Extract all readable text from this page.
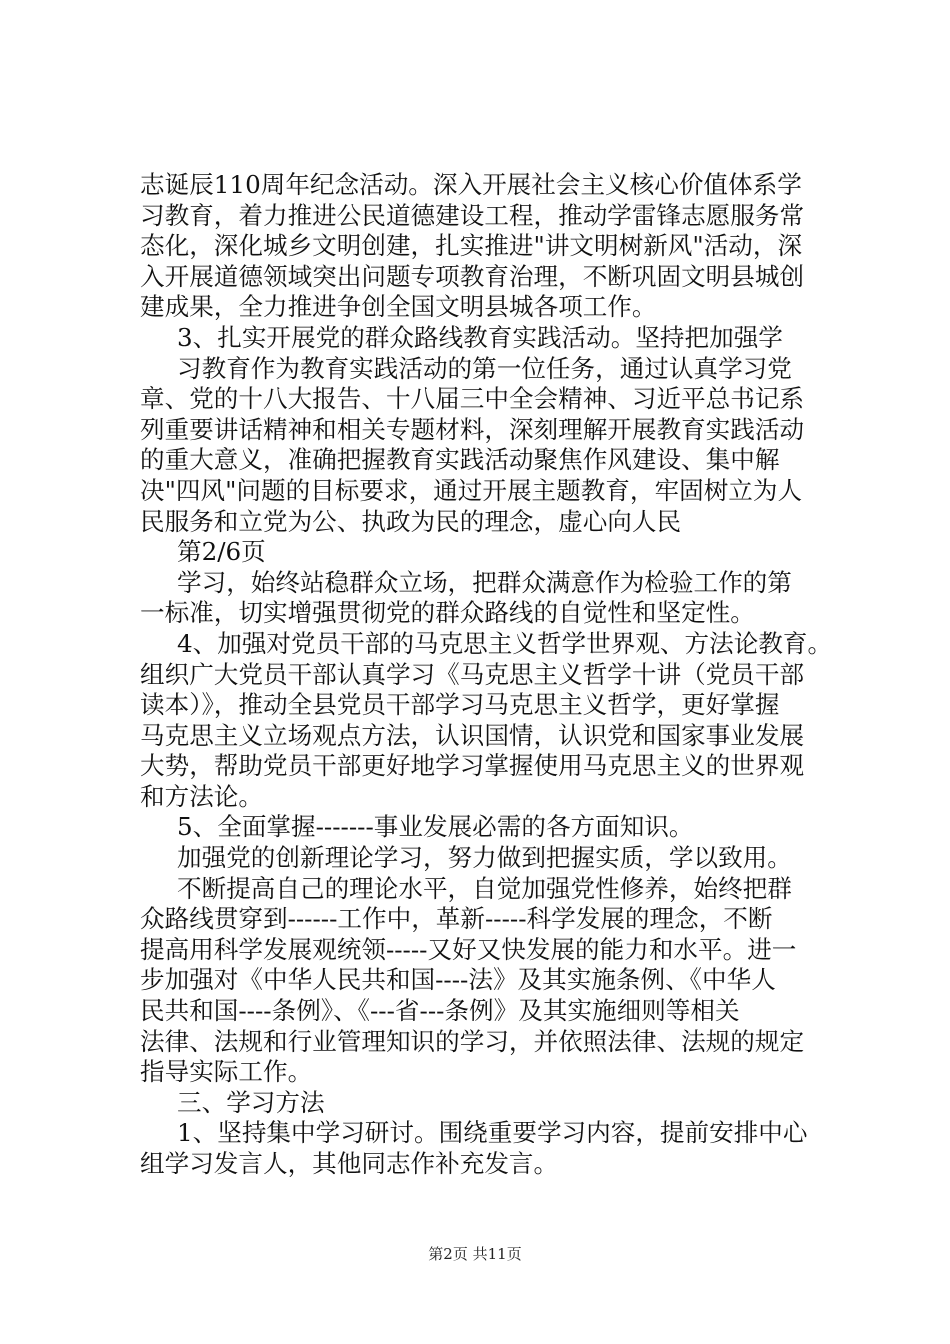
志诞辰110周年纪念活动。深入开展社会主义核心价值体系学

习教育，着力推进公民道德建设工程，推动学雷锋志愿服务常

态化，深化城乡文明创建，扎实推进"讲文明树新风"活动，深

入开展道德领域突出问题专项教育治理，不断巩固文明县城创

建成果，全力推进争创全国文明县城各项工作。

3、扎实开展党的群众路线教育实践活动。坚持把加强学

习教育作为教育实践活动的第一位任务，通过认真学习党

章、党的十八大报告、十八届三中全会精神、习近平总书记系

列重要讲话精神和相关专题材料，深刻理解开展教育实践活动

的重大意义，准确把握教育实践活动聚焦作风建设、集中解

决"四风"问题的目标要求，通过开展主题教育，牢固树立为人

民服务和立党为公、执政为民的理念，虚心向人民

第2/6页

学习，始终站稳群众立场，把群众满意作为检验工作的第

一标准，切实增强贯彻党的群众路线的自觉性和坚定性。

4、加强对党员干部的马克思主义哲学世界观、方法论教育。

组织广大党员干部认真学习《马克思主义哲学十讲（党员干部

读本）》，推动全县党员干部学习马克思主义哲学，更好掌握

马克思主义立场观点方法，认识国情，认识党和国家事业发展

大势，帮助党员干部更好地学习掌握使用马克思主义的世界观

和方法论。

5、全面掌握-------事业发展必需的各方面知识。

加强党的创新理论学习，努力做到把握实质，学以致用。

不断提高自己的理论水平，自觉加强党性修养，始终把群

众路线贯穿到------工作中，革新-----科学发展的理念，不断

提高用科学发展观统领-----又好又快发展的能力和水平。进一

步加强对《中华人民共和国----法》及其实施条例、《中华人

民共和国----条例》、《---省---条例》及其实施细则等相关

法律、法规和行业管理知识的学习，并依照法律、法规的规定

指导实际工作。

三、学习方法

1、坚持集中学习研讨。围绕重要学习内容，提前安排中心

组学习发言人，其他同志作补充发言。

第2页 共11页
